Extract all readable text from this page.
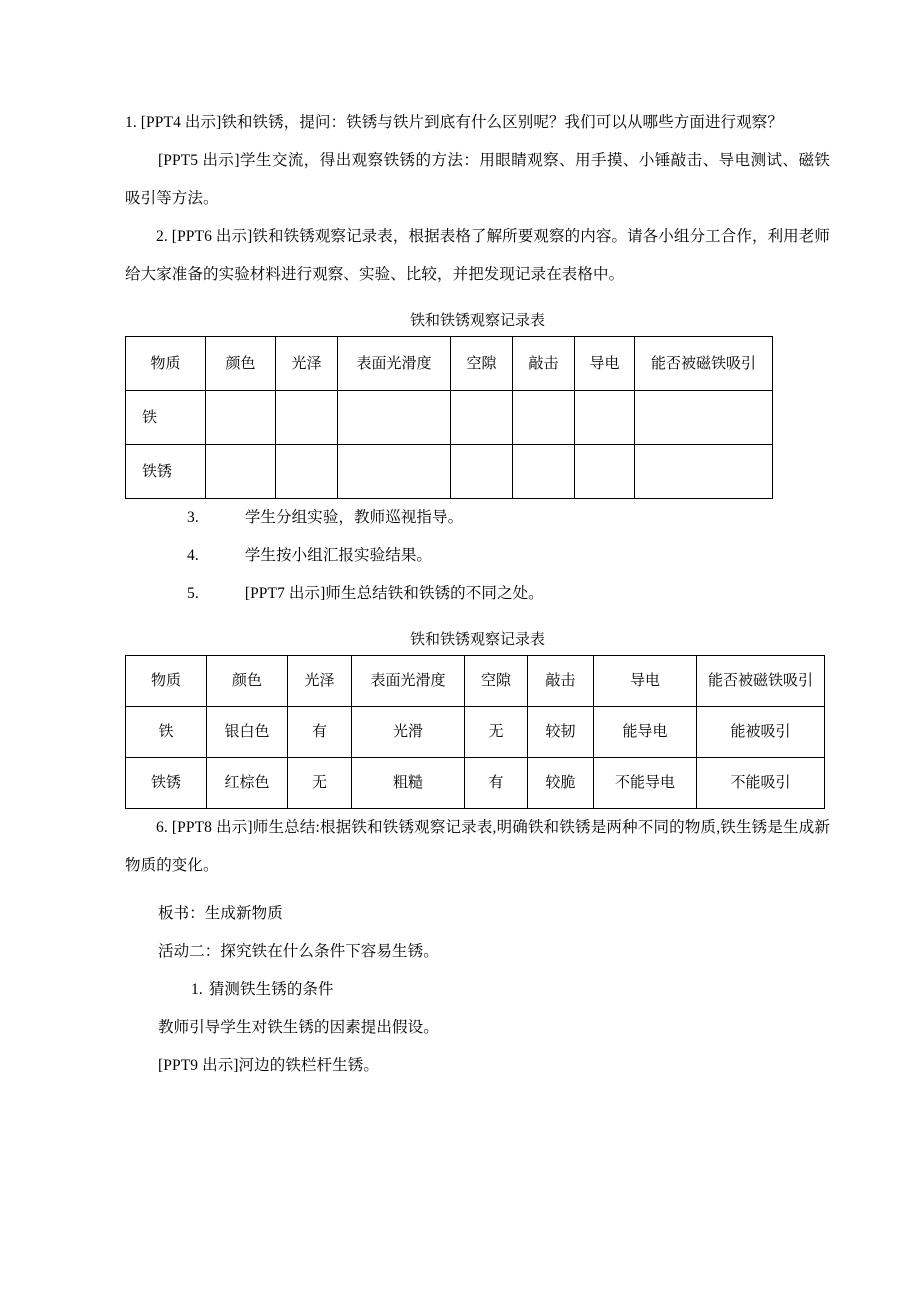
1. [PPT4 出示]铁和铁锈，提问：铁锈与铁片到底有什么区别呢？我们可以从哪些方面进行观察？

[PPT5 出示]学生交流，得出观察铁锈的方法：用眼睛观察、用手摸、小锤敲击、导电测试、磁铁吸引等方法。

2. [PPT6 出示]铁和铁锈观察记录表，根据表格了解所要观察的内容。请各小组分工合作，利用老师给大家准备的实验材料进行观察、实验、比较，并把发现记录在表格中。

铁和铁锈观察记录表
物质	颜色	光泽	表面光滑度	空隙	敲击	导电	能否被磁铁吸引
铁							
铁锈							

3.	学生分组实验，教师巡视指导。

4.	学生按小组汇报实验结果。

5.	[PPT7 出示]师生总结铁和铁锈的不同之处。

铁和铁锈观察记录表
物质	颜色	光泽	表面光滑度	空隙	敲击	导电	能否被磁铁吸引
铁	银白色	有	光滑	无	较韧	能导电	能被吸引
铁锈	红棕色	无	粗糙	有	较脆	不能导电	不能吸引

6. [PPT8 出示]师生总结:根据铁和铁锈观察记录表,明确铁和铁锈是两种不同的物质,铁生锈是生成新物质的变化。

板书：生成新物质

活动二：探究铁在什么条件下容易生锈。

1. 猜测铁生锈的条件

教师引导学生对铁生锈的因素提出假设。

[PPT9 出示]河边的铁栏杆生锈。
